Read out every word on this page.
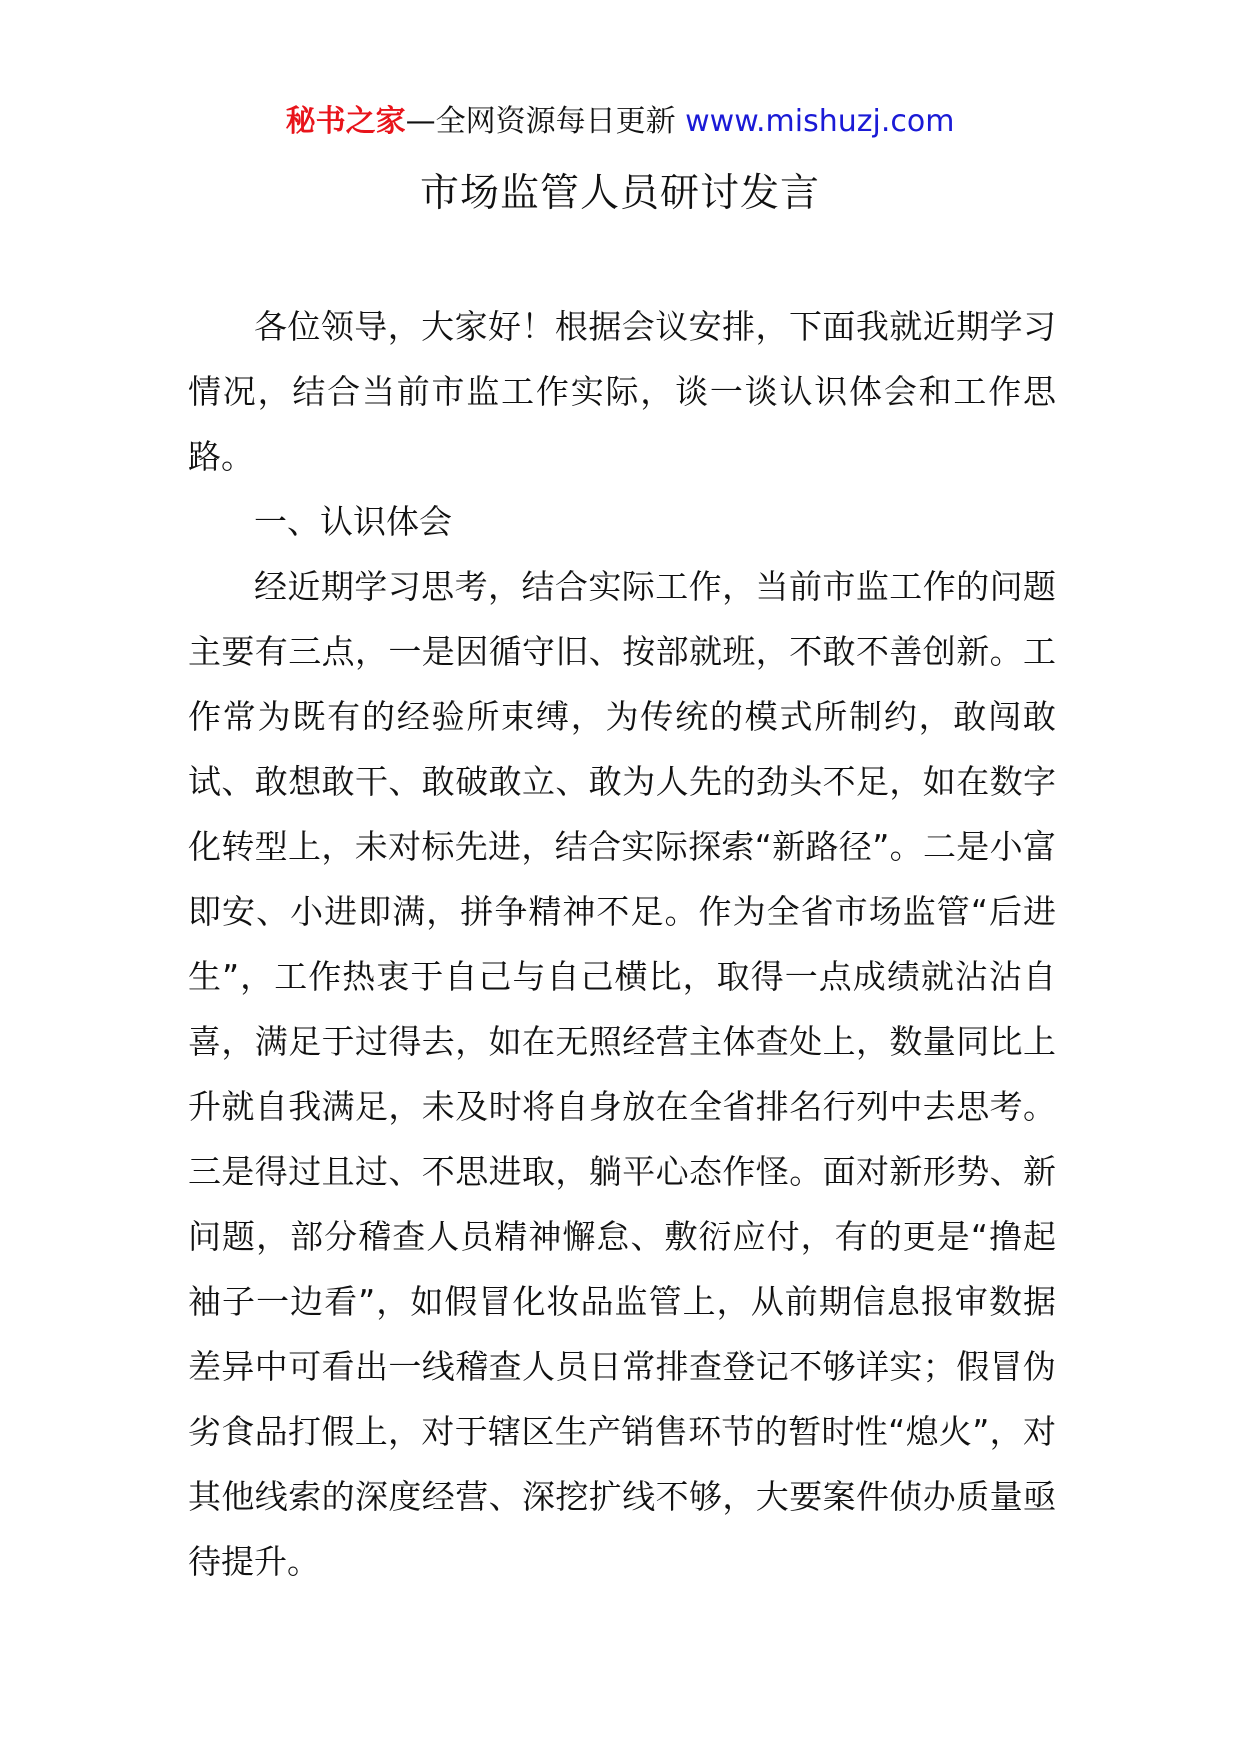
秘书之家—全网资源每日更新 www.mishuzj.com
市场监管人员研讨发言

各位领导，大家好！根据会议安排，下面我就近期学习情况，结合当前市监工作实际，谈一谈认识体会和工作思路。

一、认识体会

经近期学习思考，结合实际工作，当前市监工作的问题主要有三点，一是因循守旧、按部就班，不敢不善创新。工作常为既有的经验所束缚，为传统的模式所制约，敢闯敢试、敢想敢干、敢破敢立、敢为人先的劲头不足，如在数字化转型上，未对标先进，结合实际探索“新路径”。二是小富即安、小进即满，拼争精神不足。作为全省市场监管“后进生”，工作热衷于自己与自己横比，取得一点成绩就沾沾自喜，满足于过得去，如在无照经营主体查处上，数量同比上升就自我满足，未及时将自身放在全省排名行列中去思考。三是得过且过、不思进取，躺平心态作怪。面对新形势、新问题，部分稽查人员精神懈怠、敷衍应付，有的更是“撸起袖子一边看”，如假冒化妆品监管上，从前期信息报审数据差异中可看出一线稽查人员日常排查登记不够详实；假冒伪劣食品打假上，对于辖区生产销售环节的暂时性“熄火”，对其他线索的深度经营、深挖扩线不够，大要案件侦办质量亟待提升。
